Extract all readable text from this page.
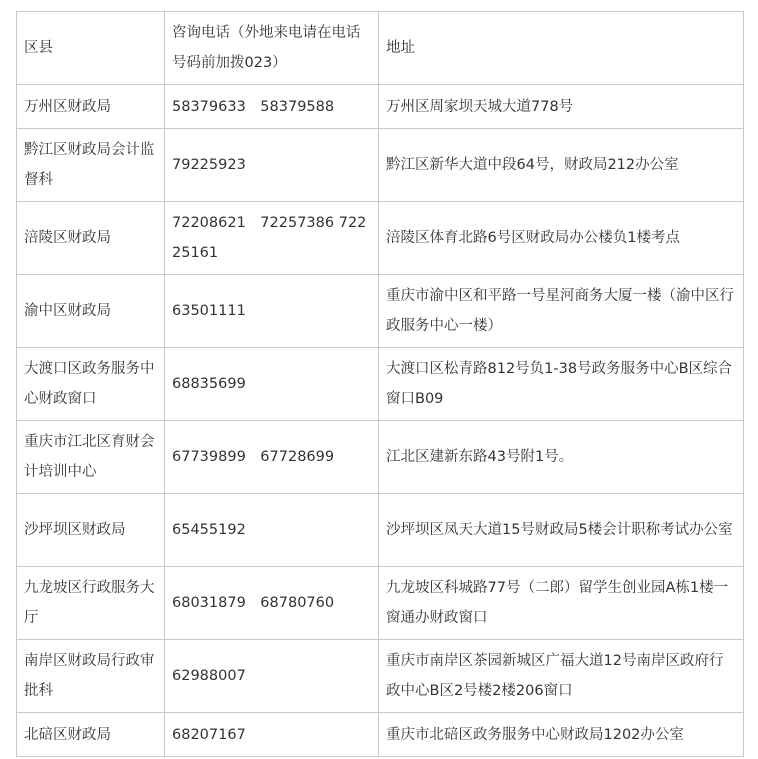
区县	咨询电话（外地来电请在电话号码前加拨023）	地址
万州区财政局	58379633　58379588	万州区周家坝天城大道778号
黔江区财政局会计监督科	79225923	黔江区新华大道中段64号，财政局212办公室
涪陵区财政局	72208621　72257386 72225161	涪陵区体育北路6号区财政局办公楼负1楼考点
渝中区财政局	63501111	重庆市渝中区和平路一号星河商务大厦一楼（渝中区行政服务中心一楼）
大渡口区政务服务中心财政窗口	68835699	大渡口区松青路812号负1-38号政务服务中心B区综合窗口B09
重庆市江北区育财会计培训中心	67739899　67728699	江北区建新东路43号附1号。
沙坪坝区财政局	65455192	沙坪坝区凤天大道15号财政局5楼会计职称考试办公室
九龙坡区行政服务大厅	68031879　68780760	九龙坡区科城路77号（二郎）留学生创业园A栋1楼一窗通办财政窗口
南岸区财政局行政审批科	62988007	重庆市南岸区茶园新城区广福大道12号南岸区政府行政中心B区2号楼2楼206窗口
北碚区财政局	68207167	重庆市北碚区政务服务中心财政局1202办公室
